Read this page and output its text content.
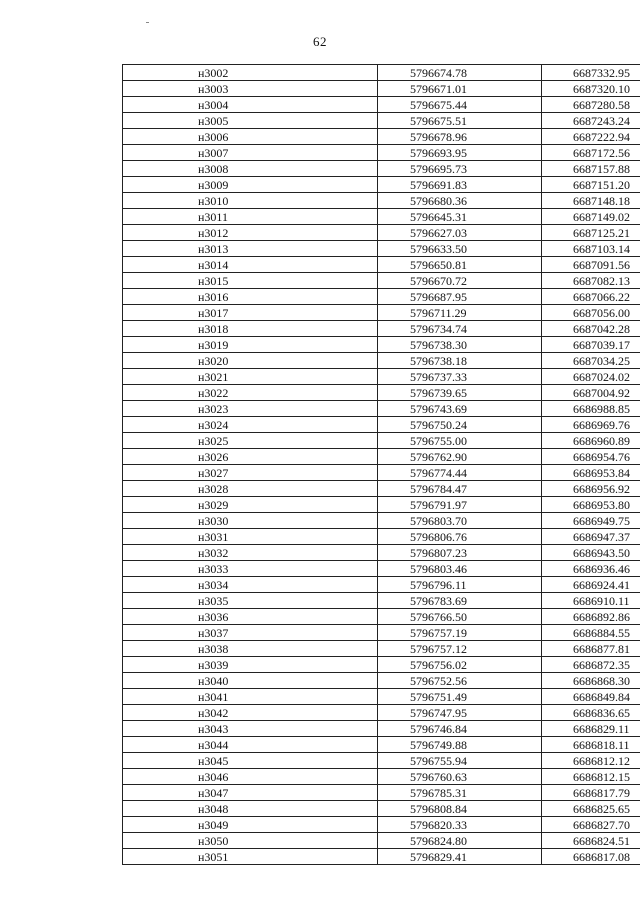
62
н3002	5796674.78	6687332.95
н3003	5796671.01	6687320.10
н3004	5796675.44	6687280.58
н3005	5796675.51	6687243.24
н3006	5796678.96	6687222.94
н3007	5796693.95	6687172.56
н3008	5796695.73	6687157.88
н3009	5796691.83	6687151.20
н3010	5796680.36	6687148.18
н3011	5796645.31	6687149.02
н3012	5796627.03	6687125.21
н3013	5796633.50	6687103.14
н3014	5796650.81	6687091.56
н3015	5796670.72	6687082.13
н3016	5796687.95	6687066.22
н3017	5796711.29	6687056.00
н3018	5796734.74	6687042.28
н3019	5796738.30	6687039.17
н3020	5796738.18	6687034.25
н3021	5796737.33	6687024.02
н3022	5796739.65	6687004.92
н3023	5796743.69	6686988.85
н3024	5796750.24	6686969.76
н3025	5796755.00	6686960.89
н3026	5796762.90	6686954.76
н3027	5796774.44	6686953.84
н3028	5796784.47	6686956.92
н3029	5796791.97	6686953.80
н3030	5796803.70	6686949.75
н3031	5796806.76	6686947.37
н3032	5796807.23	6686943.50
н3033	5796803.46	6686936.46
н3034	5796796.11	6686924.41
н3035	5796783.69	6686910.11
н3036	5796766.50	6686892.86
н3037	5796757.19	6686884.55
н3038	5796757.12	6686877.81
н3039	5796756.02	6686872.35
н3040	5796752.56	6686868.30
н3041	5796751.49	6686849.84
н3042	5796747.95	6686836.65
н3043	5796746.84	6686829.11
н3044	5796749.88	6686818.11
н3045	5796755.94	6686812.12
н3046	5796760.63	6686812.15
н3047	5796785.31	6686817.79
н3048	5796808.84	6686825.65
н3049	5796820.33	6686827.70
н3050	5796824.80	6686824.51
н3051	5796829.41	6686817.08
